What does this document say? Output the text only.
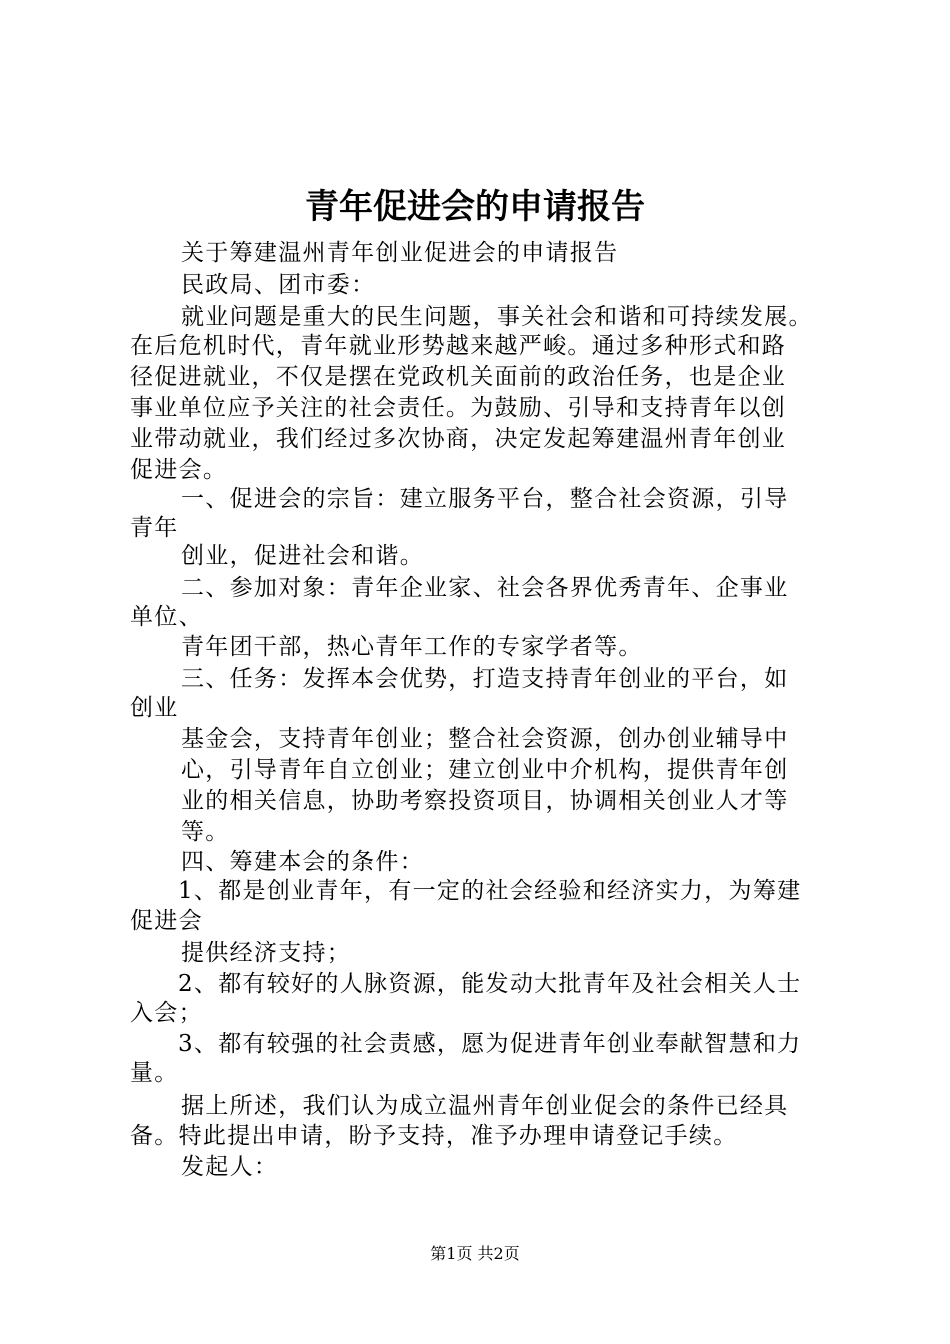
青年促进会的申请报告

关于筹建温州青年创业促进会的申请报告

民政局、团市委：

就业问题是重大的民生问题，事关社会和谐和可持续发展。

在后危机时代，青年就业形势越来越严峻。通过多种形式和路

径促进就业，不仅是摆在党政机关面前的政治任务，也是企业

事业单位应予关注的社会责任。为鼓励、引导和支持青年以创

业带动就业，我们经过多次协商，决定发起筹建温州青年创业

促进会。

一、促进会的宗旨：建立服务平台，整合社会资源，引导

青年

创业，促进社会和谐。

二、参加对象：青年企业家、社会各界优秀青年、企事业

单位、

青年团干部，热心青年工作的专家学者等。

三、任务：发挥本会优势，打造支持青年创业的平台，如

创业

基金会，支持青年创业；整合社会资源，创办创业辅导中

心，引导青年自立创业；建立创业中介机构，提供青年创

业的相关信息，协助考察投资项目，协调相关创业人才等

等。

四、筹建本会的条件：

1、都是创业青年，有一定的社会经验和经济实力，为筹建

促进会

提供经济支持；

2、都有较好的人脉资源，能发动大批青年及社会相关人士

入会；

3、都有较强的社会责感，愿为促进青年创业奉献智慧和力

量。

据上所述，我们认为成立温州青年创业促会的条件已经具

备。特此提出申请，盼予支持，准予办理申请登记手续。

发起人：

第1页 共2页
